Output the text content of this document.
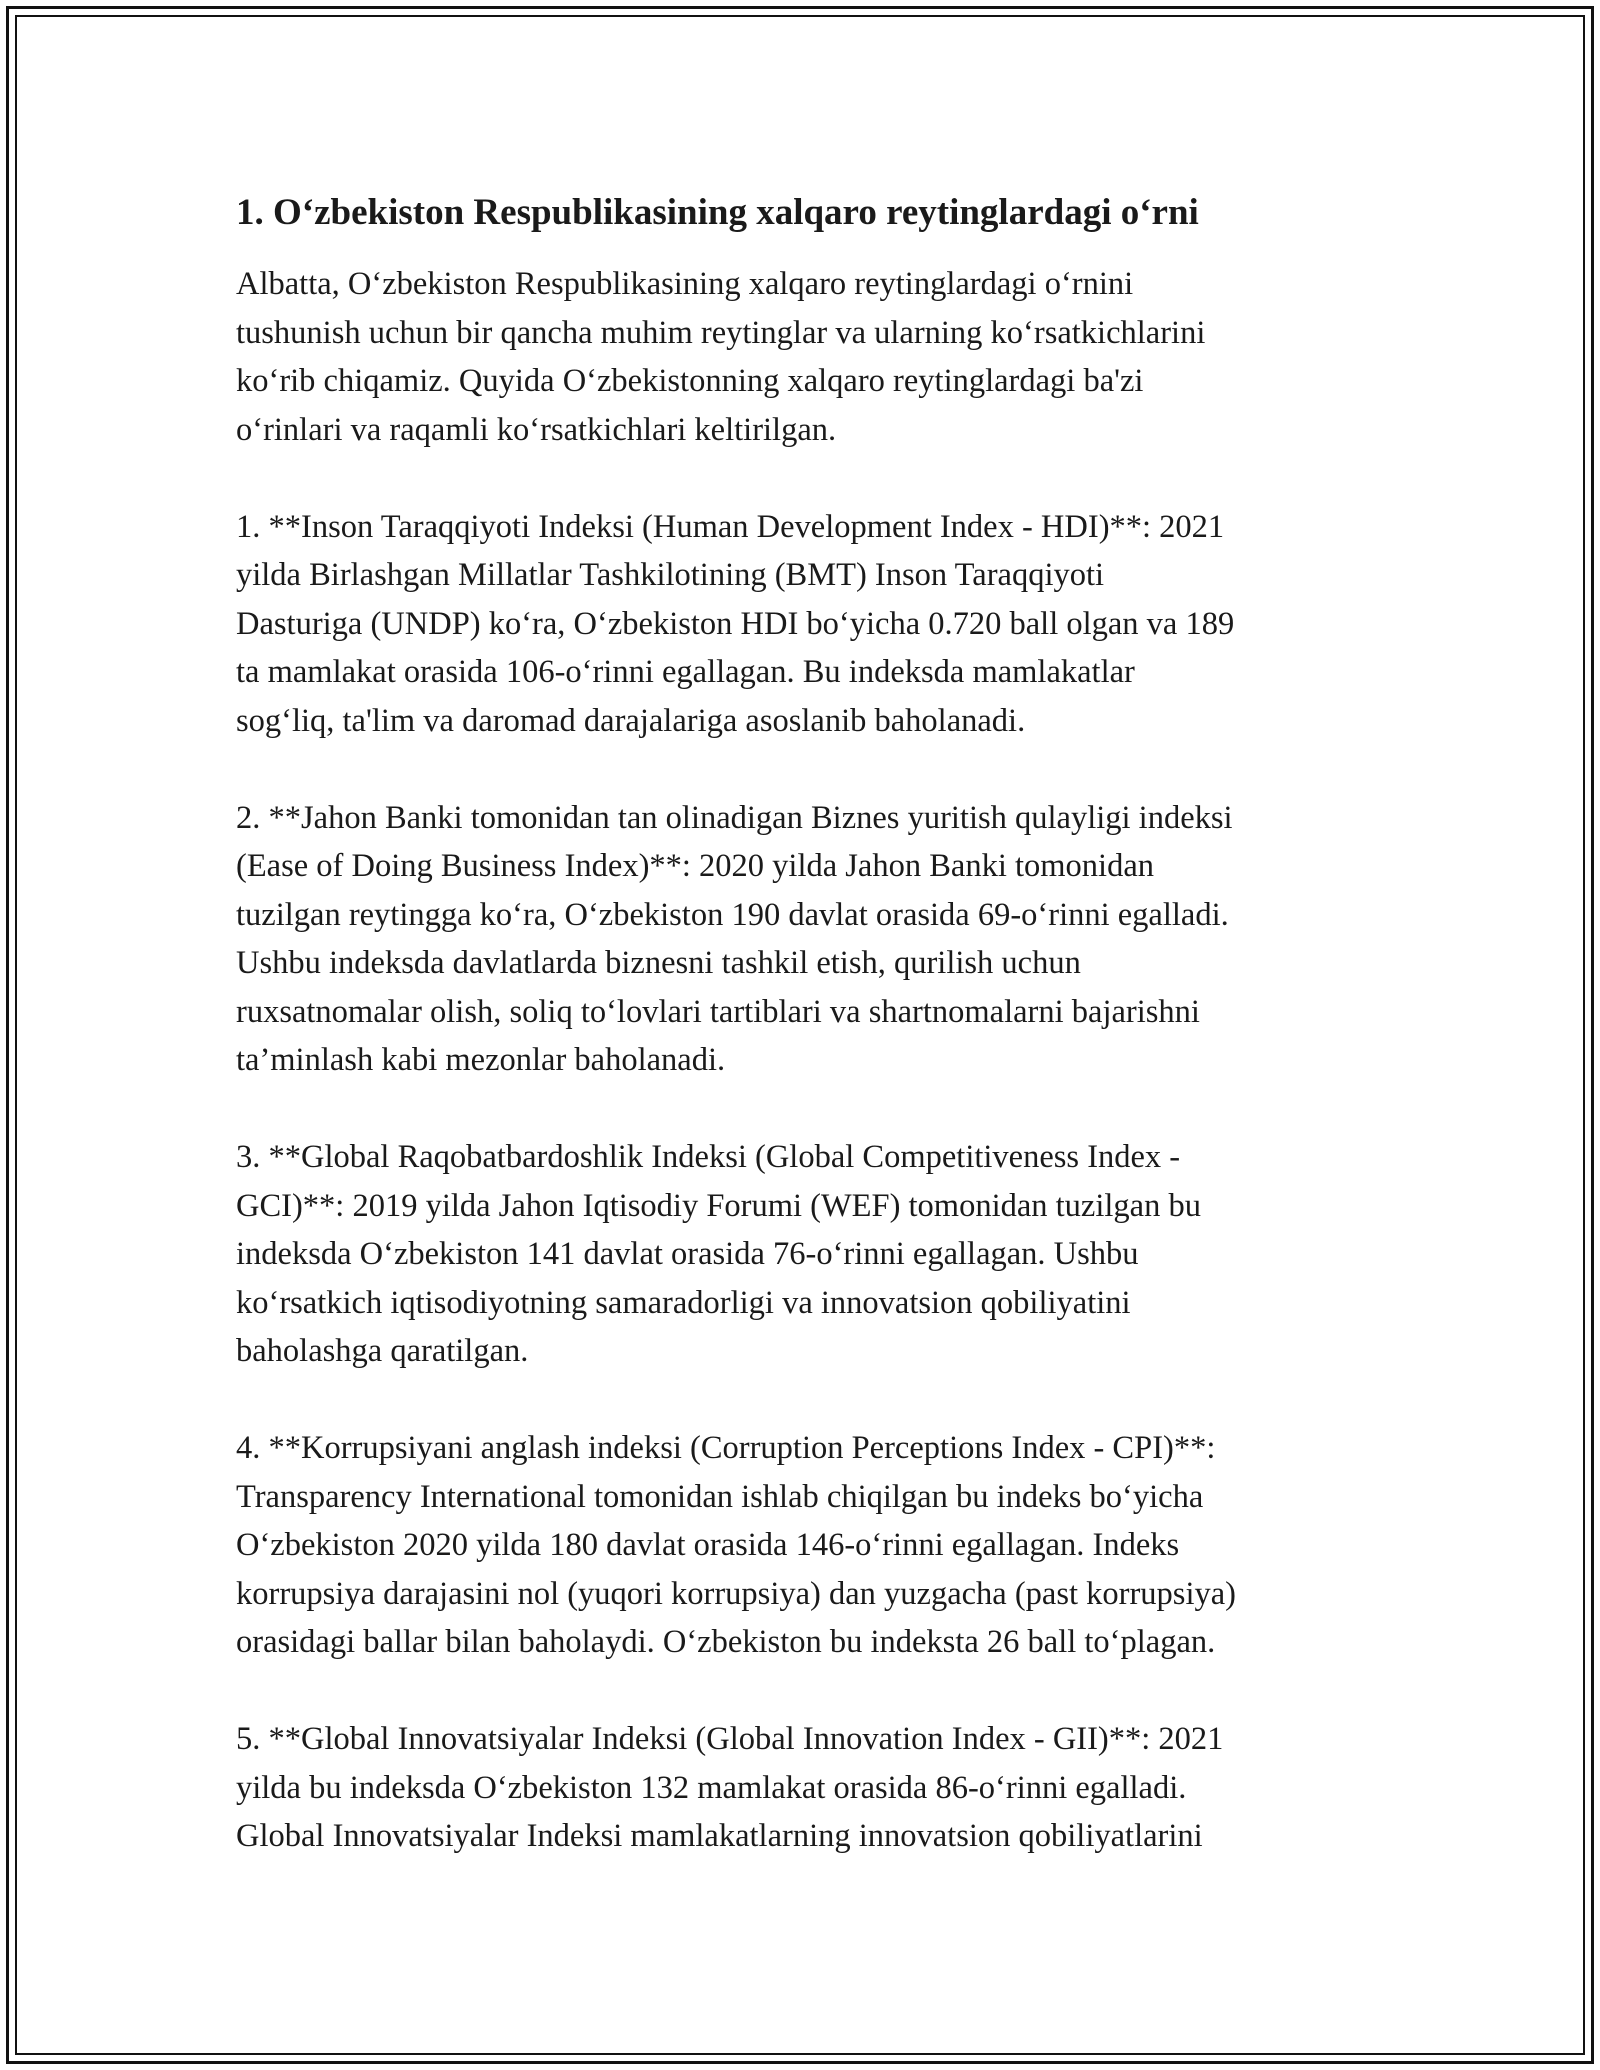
1. O‘zbekiston Respublikasining xalqaro reytinglardagi o‘rni

Albatta, O‘zbekiston Respublikasining xalqaro reytinglardagi o‘rnini
tushunish uchun bir qancha muhim reytinglar va ularning ko‘rsatkichlarini
ko‘rib chiqamiz. Quyida O‘zbekistonning xalqaro reytinglardagi ba'zi
o‘rinlari va raqamli ko‘rsatkichlari keltirilgan.

1. **Inson Taraqqiyoti Indeksi (Human Development Index - HDI)**: 2021
yilda Birlashgan Millatlar Tashkilotining (BMT) Inson Taraqqiyoti
Dasturiga (UNDP) ko‘ra, O‘zbekiston HDI bo‘yicha 0.720 ball olgan va 189
ta mamlakat orasida 106-o‘rinni egallagan. Bu indeksda mamlakatlar
sog‘liq, ta'lim va daromad darajalariga asoslanib baholanadi.

2. **Jahon Banki tomonidan tan olinadigan Biznes yuritish qulayligi indeksi
(Ease of Doing Business Index)**: 2020 yilda Jahon Banki tomonidan
tuzilgan reytingga ko‘ra, O‘zbekiston 190 davlat orasida 69-o‘rinni egalladi.
Ushbu indeksda davlatlarda biznesni tashkil etish, qurilish uchun
ruxsatnomalar olish, soliq to‘lovlari tartiblari va shartnomalarni bajarishni
ta’minlash kabi mezonlar baholanadi.

3. **Global Raqobatbardoshlik Indeksi (Global Competitiveness Index -
GCI)**: 2019 yilda Jahon Iqtisodiy Forumi (WEF) tomonidan tuzilgan bu
indeksda O‘zbekiston 141 davlat orasida 76-o‘rinni egallagan. Ushbu
ko‘rsatkich iqtisodiyotning samaradorligi va innovatsion qobiliyatini
baholashga qaratilgan.

4. **Korrupsiyani anglash indeksi (Corruption Perceptions Index - CPI)**:
Transparency International tomonidan ishlab chiqilgan bu indeks bo‘yicha
O‘zbekiston 2020 yilda 180 davlat orasida 146-o‘rinni egallagan. Indeks
korrupsiya darajasini nol (yuqori korrupsiya) dan yuzgacha (past korrupsiya)
orasidagi ballar bilan baholaydi. O‘zbekiston bu indeksta 26 ball to‘plagan.

5. **Global Innovatsiyalar Indeksi (Global Innovation Index - GII)**: 2021
yilda bu indeksda O‘zbekiston 132 mamlakat orasida 86-o‘rinni egalladi.
Global Innovatsiyalar Indeksi mamlakatlarning innovatsion qobiliyatlarini
